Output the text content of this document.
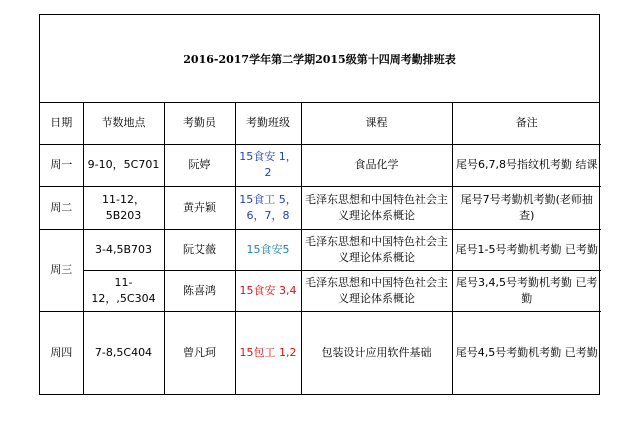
2016-2017学年第二学期2015级第十四周考勤排班表
日期	节数地点	考勤员	考勤班级	课程	备注
周一	9-10，5C701	阮婷	15食安 1，2	食品化学	尾号6,7,8号指纹机考勤 结课
周二	11-12，5B203	黄卉颖	15食工 5，6，7，8	毛泽东思想和中国特色社会主义理论体系概论	尾号7号考勤机考勤(老师抽查)
周三	3-4,5B703	阮艾薇	15食安5	毛泽东思想和中国特色社会主义理论体系概论	尾号1-5号考勤机考勤 已考勤
	11-12，,5C304	陈喜鸿	15食安 3,4	毛泽东思想和中国特色社会主义理论体系概论	尾号3,4,5号考勤机考勤 已考勤
周四	7-8,5C404	曾凡珂	15包工 1,2	包装设计应用软件基础	尾号4,5号考勤机考勤 已考勤
